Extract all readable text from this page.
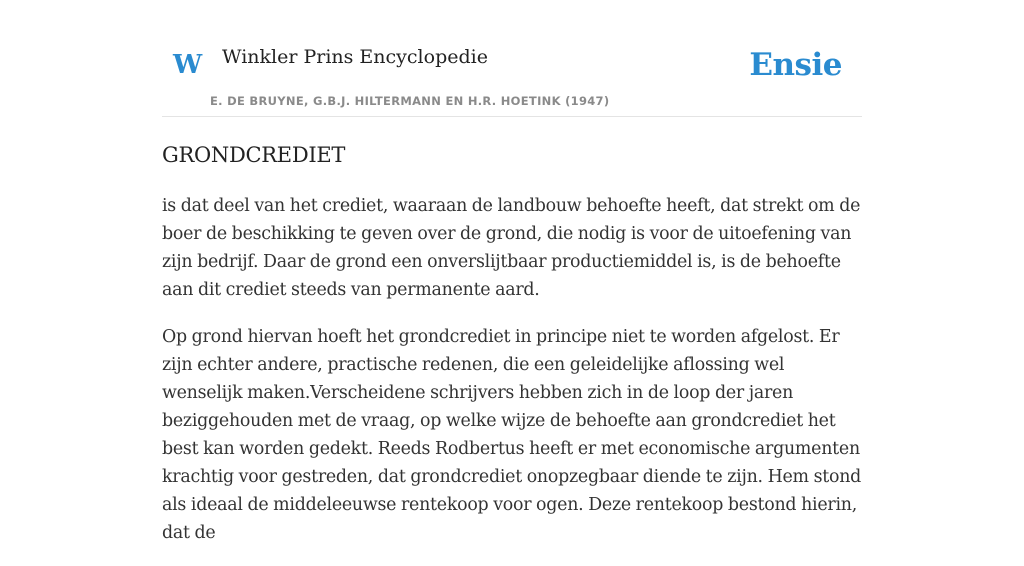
W Winkler Prins Encyclopedie
E. DE BRUYNE, G.B.J. HILTERMANN EN H.R. HOETINK (1947)
Ensie
GRONDCREDIET

is dat deel van het crediet, waaraan de landbouw behoefte heeft, dat strekt om de boer de beschikking te geven over de grond, die nodig is voor de uitoefening van zijn bedrijf. Daar de grond een onverslijtbaar productiemiddel is, is de behoefte aan dit crediet steeds van permanente aard.

Op grond hiervan hoeft het grondcrediet in principe niet te worden afgelost. Er zijn echter andere, practische redenen, die een geleidelijke aflossing wel wenselijk maken.Verscheidene schrijvers hebben zich in de loop der jaren beziggehouden met de vraag, op welke wijze de behoefte aan grondcrediet het best kan worden gedekt. Reeds Rodbertus heeft er met economische argumenten krachtig voor gestreden, dat grondcrediet onopzegbaar diende te zijn. Hem stond als ideaal de middeleeuwse rentekoop voor ogen. Deze rentekoop bestond hierin, dat de
